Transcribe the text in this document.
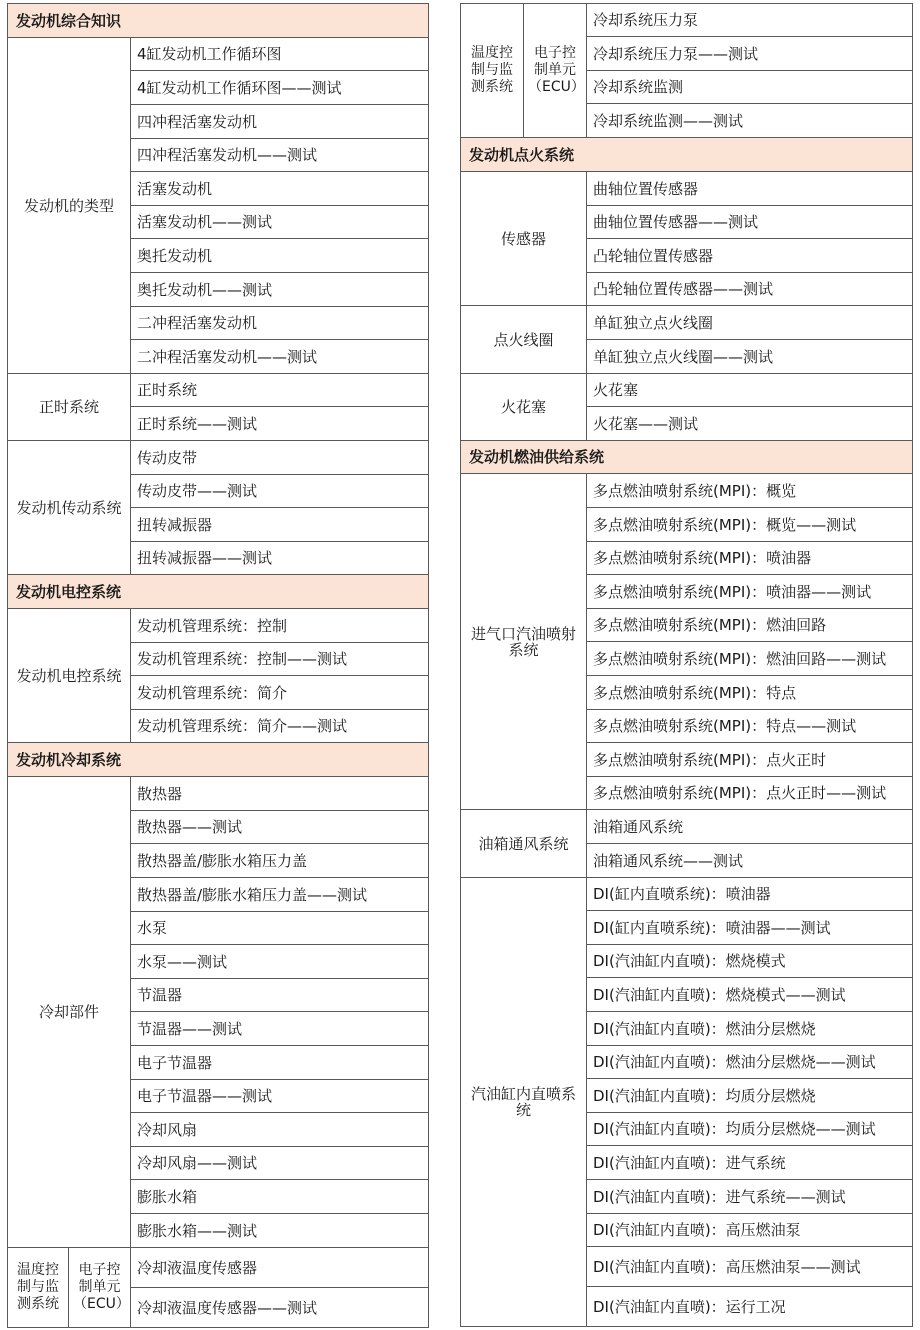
发动机综合知识		
发动机的类型		4缸发动机工作循环图
		4缸发动机工作循环图——测试
		四冲程活塞发动机
		四冲程活塞发动机——测试
		活塞发动机
		活塞发动机——测试
		奥托发动机
		奥托发动机——测试
		二冲程活塞发动机
		二冲程活塞发动机——测试
正时系统		正时系统
		正时系统——测试
发动机传动系统		传动皮带
		传动皮带——测试
		扭转减振器
		扭转减振器——测试
发动机电控系统		
发动机电控系统		发动机管理系统：控制
		发动机管理系统：控制——测试
		发动机管理系统：简介
		发动机管理系统：简介——测试
发动机冷却系统		
冷却部件		散热器
		散热器——测试
		散热器盖/膨胀水箱压力盖
		散热器盖/膨胀水箱压力盖——测试
		水泵
		水泵——测试
		节温器
		节温器——测试
		电子节温器
		电子节温器——测试
		冷却风扇
		冷却风扇——测试
		膨胀水箱
		膨胀水箱——测试
温度控制与监测系统	电子控制单元（ECU）	冷却液温度传感器
		冷却液温度传感器——测试
温度控制与监测系统	电子控制单元（ECU）	冷却系统压力泵
		冷却系统压力泵——测试
		冷却系统监测
		冷却系统监测——测试
发动机点火系统		
传感器		曲轴位置传感器
		曲轴位置传感器——测试
		凸轮轴位置传感器
		凸轮轴位置传感器——测试
点火线圈		单缸独立点火线圈
		单缸独立点火线圈——测试
火花塞		火花塞
		火花塞——测试
发动机燃油供给系统		
进气口汽油喷射系统		多点燃油喷射系统(MPI)：概览
		多点燃油喷射系统(MPI)：概览——测试
		多点燃油喷射系统(MPI)：喷油器
		多点燃油喷射系统(MPI)：喷油器——测试
		多点燃油喷射系统(MPI)：燃油回路
		多点燃油喷射系统(MPI)：燃油回路——测试
		多点燃油喷射系统(MPI)：特点
		多点燃油喷射系统(MPI)：特点——测试
		多点燃油喷射系统(MPI)：点火正时
		多点燃油喷射系统(MPI)：点火正时——测试
油箱通风系统		油箱通风系统
		油箱通风系统——测试
汽油缸内直喷系统		DI(缸内直喷系统)：喷油器
		DI(缸内直喷系统)：喷油器——测试
		DI(汽油缸内直喷)：燃烧模式
		DI(汽油缸内直喷)：燃烧模式——测试
		DI(汽油缸内直喷)：燃油分层燃烧
		DI(汽油缸内直喷)：燃油分层燃烧——测试
		DI(汽油缸内直喷)：均质分层燃烧
		DI(汽油缸内直喷)：均质分层燃烧——测试
		DI(汽油缸内直喷)：进气系统
		DI(汽油缸内直喷)：进气系统——测试
		DI(汽油缸内直喷)：高压燃油泵
		DI(汽油缸内直喷)：高压燃油泵——测试
		DI(汽油缸内直喷)：运行工况
